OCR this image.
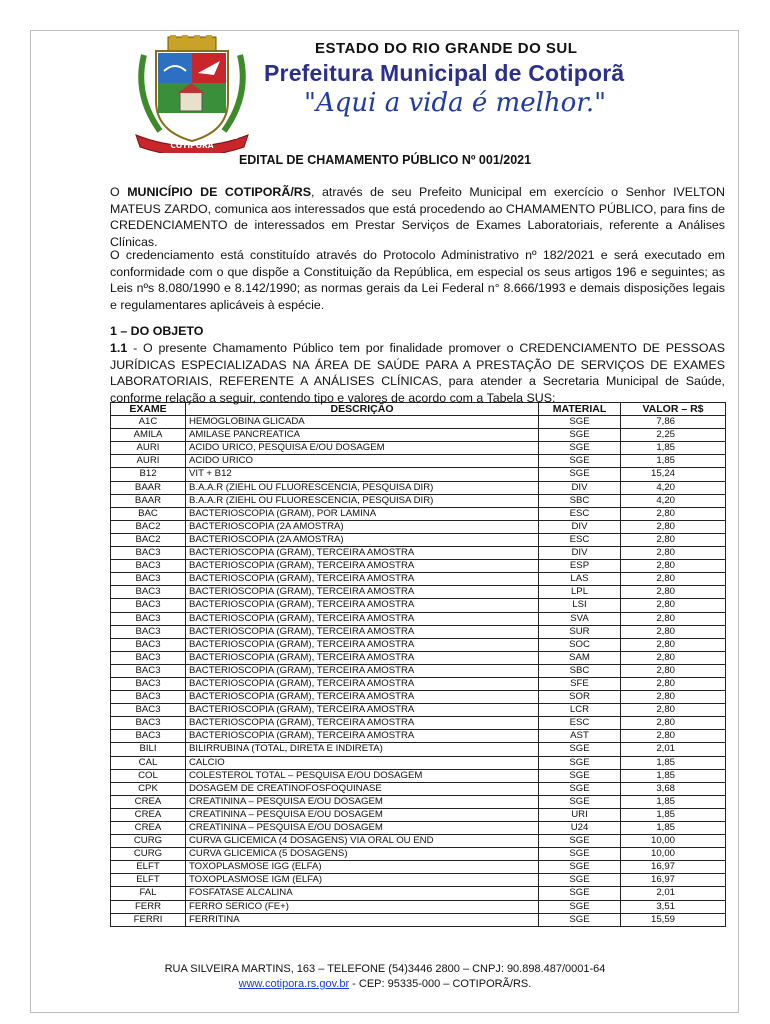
COTIPORÃ
18-05	1962
ESTADO DO RIO GRANDE DO SUL
Prefeitura Municipal de Cotiporã
"Aqui a vida é melhor."
EDITAL DE CHAMAMENTO PÚBLICO Nº 001/2021

O MUNICÍPIO DE COTIPORÃ/RS, através de seu Prefeito Municipal em exercício o Senhor IVELTON MATEUS ZARDO, comunica aos interessados que está procedendo ao CHAMAMENTO PÚBLICO, para fins de CREDENCIAMENTO de interessados em Prestar Serviços de Exames Laboratoriais, referente a Análises Clínicas.

O credenciamento está constituído através do Protocolo Administrativo nº 182/2021 e será executado em conformidade com o que dispõe a Constituição da República, em especial os seus artigos 196 e seguintes; as Leis nºs 8.080/1990 e 8.142/1990; as normas gerais da Lei Federal n° 8.666/1993 e demais disposições legais e regulamentares aplicáveis à espécie.

1 – DO OBJETO

1.1 - O presente Chamamento Público tem por finalidade promover o CREDENCIAMENTO DE PESSOAS JURÍDICAS ESPECIALIZADAS NA ÁREA DE SAÚDE PARA A PRESTAÇÃO DE SERVIÇOS DE EXAMES LABORATORIAIS, REFERENTE A ANÁLISES CLÍNICAS, para atender a Secretaria Municipal de Saúde, conforme relação a seguir, contendo tipo e valores de acordo com a Tabela SUS:

EXAME	DESCRIÇÃO	MATERIAL	VALOR – R$
A1C	HEMOGLOBINA GLICADA	SGE	7,86
AMILA	AMILASE PANCREATICA	SGE	2,25
AURI	ACIDO URICO, PESQUISA E/OU DOSAGEM	SGE	1,85
AURI	ACIDO URICO	SGE	1,85
B12	VIT + B12	SGE	15,24
BAAR	B.A.A.R (ZIEHL OU FLUORESCENCIA, PESQUISA DIR)	DIV	4,20
BAAR	B.A.A.R (ZIEHL OU FLUORESCENCIA, PESQUISA DIR)	SBC	4,20
BAC	BACTERIOSCOPIA (GRAM), POR LAMINA	ESC	2,80
BAC2	BACTERIOSCOPIA (2A AMOSTRA)	DIV	2,80
BAC2	BACTERIOSCOPIA (2A AMOSTRA)	ESC	2,80
BAC3	BACTERIOSCOPIA (GRAM), TERCEIRA AMOSTRA	DIV	2,80
BAC3	BACTERIOSCOPIA (GRAM), TERCEIRA AMOSTRA	ESP	2,80
BAC3	BACTERIOSCOPIA (GRAM), TERCEIRA AMOSTRA	LAS	2,80
BAC3	BACTERIOSCOPIA (GRAM), TERCEIRA AMOSTRA	LPL	2,80
BAC3	BACTERIOSCOPIA (GRAM), TERCEIRA AMOSTRA	LSI	2,80
BAC3	BACTERIOSCOPIA (GRAM), TERCEIRA AMOSTRA	SVA	2,80
BAC3	BACTERIOSCOPIA (GRAM), TERCEIRA AMOSTRA	SUR	2,80
BAC3	BACTERIOSCOPIA (GRAM), TERCEIRA AMOSTRA	SOC	2,80
BAC3	BACTERIOSCOPIA (GRAM), TERCEIRA AMOSTRA	SAM	2,80
BAC3	BACTERIOSCOPIA (GRAM), TERCEIRA AMOSTRA	SBC	2,80
BAC3	BACTERIOSCOPIA (GRAM), TERCEIRA AMOSTRA	SFE	2,80
BAC3	BACTERIOSCOPIA (GRAM), TERCEIRA AMOSTRA	SOR	2,80
BAC3	BACTERIOSCOPIA (GRAM), TERCEIRA AMOSTRA	LCR	2,80
BAC3	BACTERIOSCOPIA (GRAM), TERCEIRA AMOSTRA	ESC	2,80
BAC3	BACTERIOSCOPIA (GRAM), TERCEIRA AMOSTRA	AST	2,80
BILI	BILIRRUBINA (TOTAL, DIRETA E INDIRETA)	SGE	2,01
CAL	CALCIO	SGE	1,85
COL	COLESTEROL TOTAL – PESQUISA E/OU DOSAGEM	SGE	1,85
CPK	DOSAGEM DE CREATINOFOSFOQUINASE	SGE	3,68
CREA	CREATININA – PESQUISA E/OU DOSAGEM	SGE	1,85
CREA	CREATININA – PESQUISA E/OU DOSAGEM	URI	1,85
CREA	CREATININA – PESQUISA E/OU DOSAGEM	U24	1,85
CURG	CURVA GLICEMICA (4 DOSAGENS) VIA ORAL OU END	SGE	10,00
CURG	CURVA GLICEMICA (5 DOSAGENS)	SGE	10,00
ELFT	TOXOPLASMOSE IGG (ELFA)	SGE	16,97
ELFT	TOXOPLASMOSE IGM (ELFA)	SGE	16,97
FAL	FOSFATASE ALCALINA	SGE	2,01
FERR	FERRO SERICO (FE+)	SGE	3,51
FERRI	FERRITINA	SGE	15,59
RUA SILVEIRA MARTINS, 163 – TELEFONE (54)3446 2800 – CNPJ: 90.898.487/0001-64
www.cotipora.rs.gov.br - CEP: 95335-000 – COTIPORÃ/RS.
